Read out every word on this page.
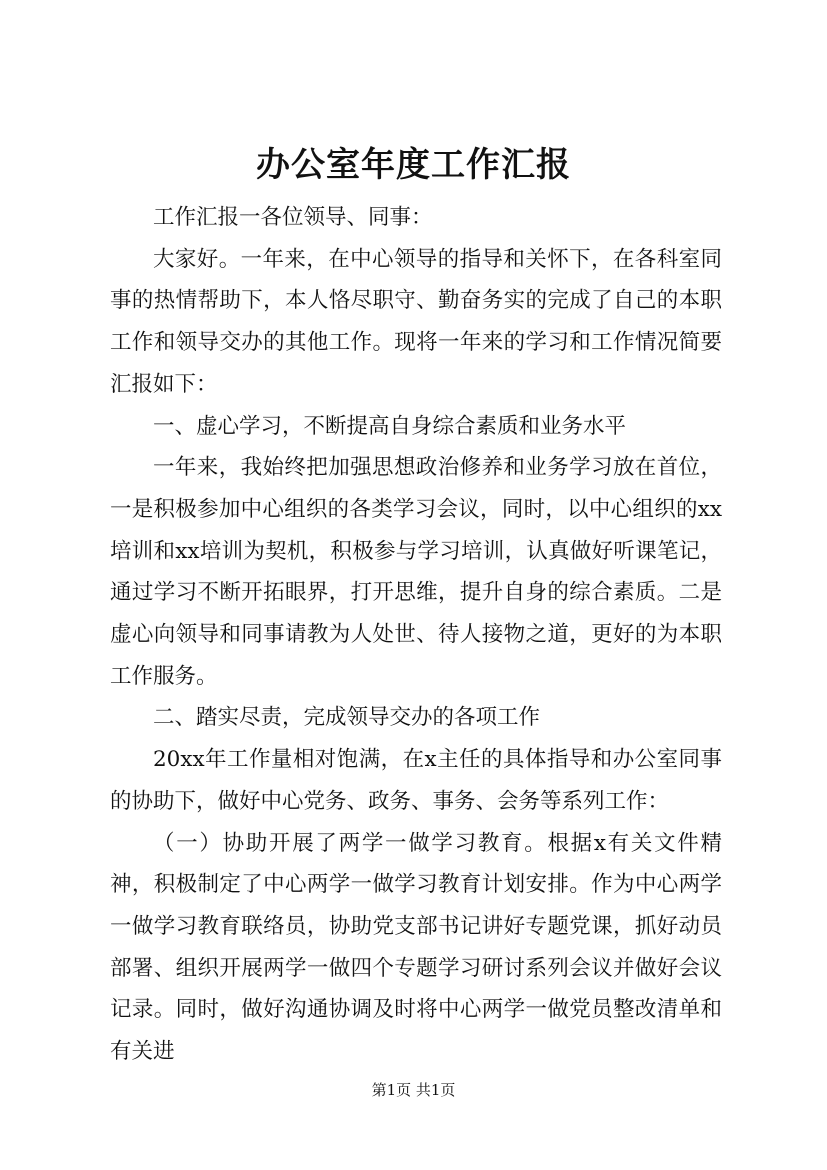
办公室年度工作汇报

工作汇报一各位领导、同事：

大家好。一年来，在中心领导的指导和关怀下，在各科室同事的热情帮助下，本人恪尽职守、勤奋务实的完成了自己的本职工作和领导交办的其他工作。现将一年来的学习和工作情况简要汇报如下：

一、虚心学习，不断提高自身综合素质和业务水平

一年来，我始终把加强思想政治修养和业务学习放在首位，一是积极参加中心组织的各类学习会议，同时，以中心组织的xx培训和xx培训为契机，积极参与学习培训，认真做好听课笔记，通过学习不断开拓眼界，打开思维，提升自身的综合素质。二是虚心向领导和同事请教为人处世、待人接物之道，更好的为本职工作服务。

二、踏实尽责，完成领导交办的各项工作

20xx年工作量相对饱满，在x主任的具体指导和办公室同事的协助下，做好中心党务、政务、事务、会务等系列工作：

（一）协助开展了两学一做学习教育。根据x有关文件精神，积极制定了中心两学一做学习教育计划安排。作为中心两学一做学习教育联络员，协助党支部书记讲好专题党课，抓好动员部署、组织开展两学一做四个专题学习研讨系列会议并做好会议记录。同时，做好沟通协调及时将中心两学一做党员整改清单和有关进

第1页 共1页
